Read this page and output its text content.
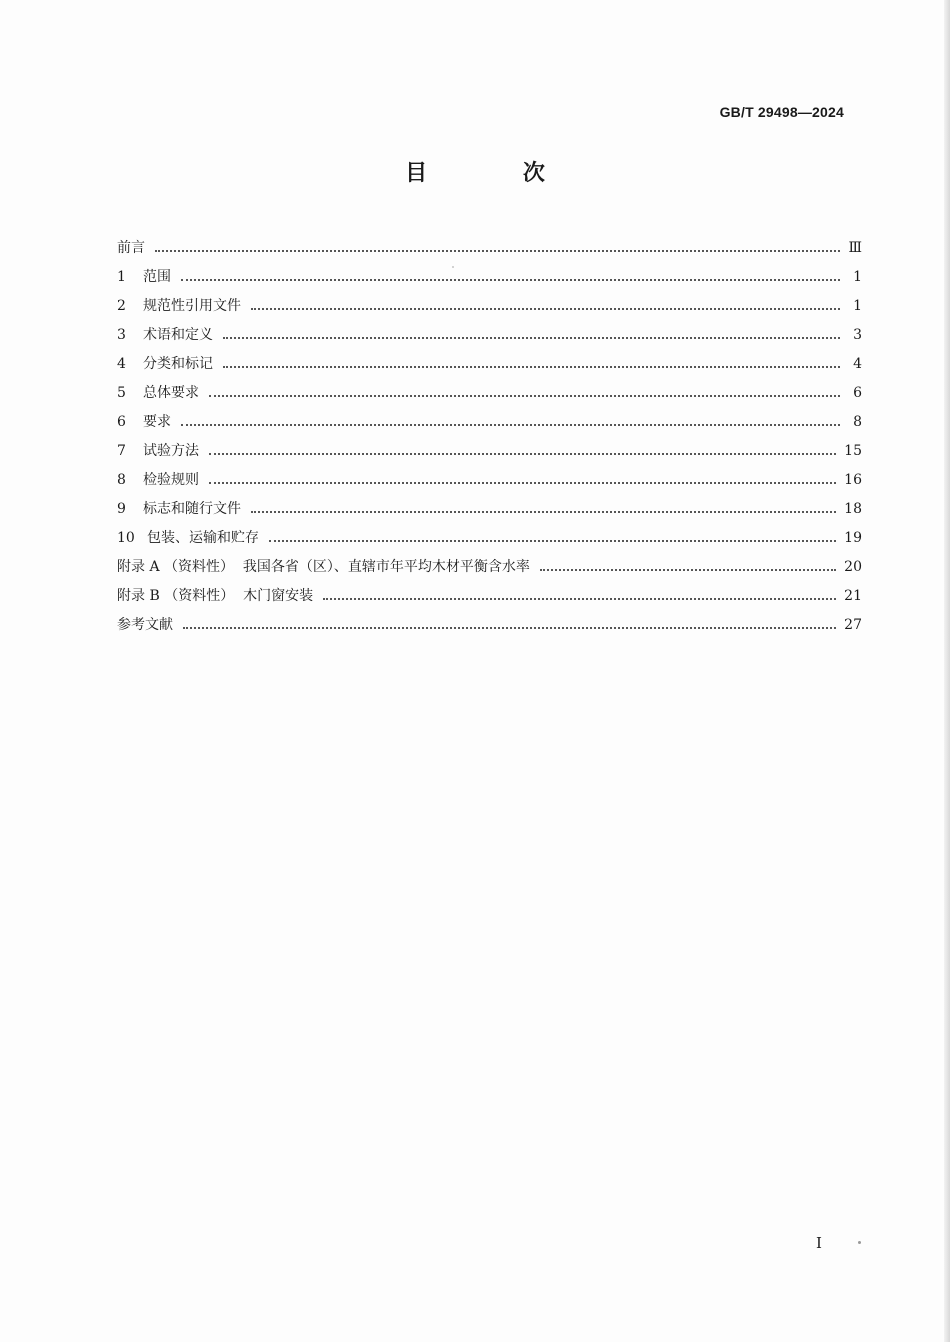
GB/T 29498—2024
目 次
前言	Ⅲ
1	范围	1
2	规范性引用文件	1
3	术语和定义	3
4	分类和标记	4
5	总体要求	6
6	要求	8
7	试验方法	15
8	检验规则	16
9	标志和随行文件	18
10 包装、运输和贮存	19
附录 A （资料性）  我国各省（区）、直辖市年平均木材平衡含水率	20
附录 B （资料性）  木门窗安装	21
参考文献	27
I
